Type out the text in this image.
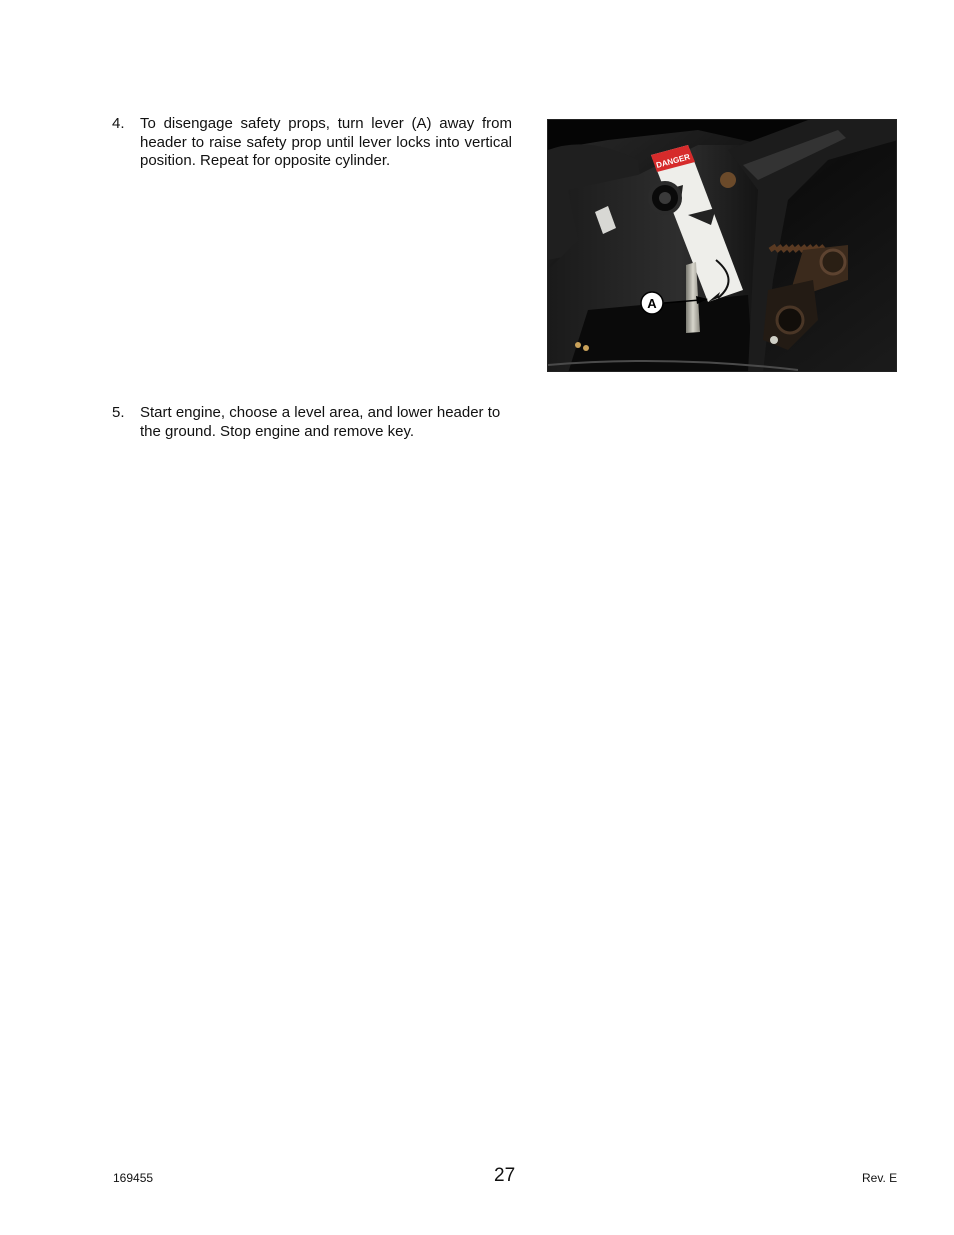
4. To disengage safety props, turn lever (A) away from header to raise safety prop until lever locks into vertical position. Repeat for opposite cylinder.	DANGER
A
5. Start engine, choose a level area, and lower header to the ground. Stop engine and remove key.
169455	27	Rev. E
